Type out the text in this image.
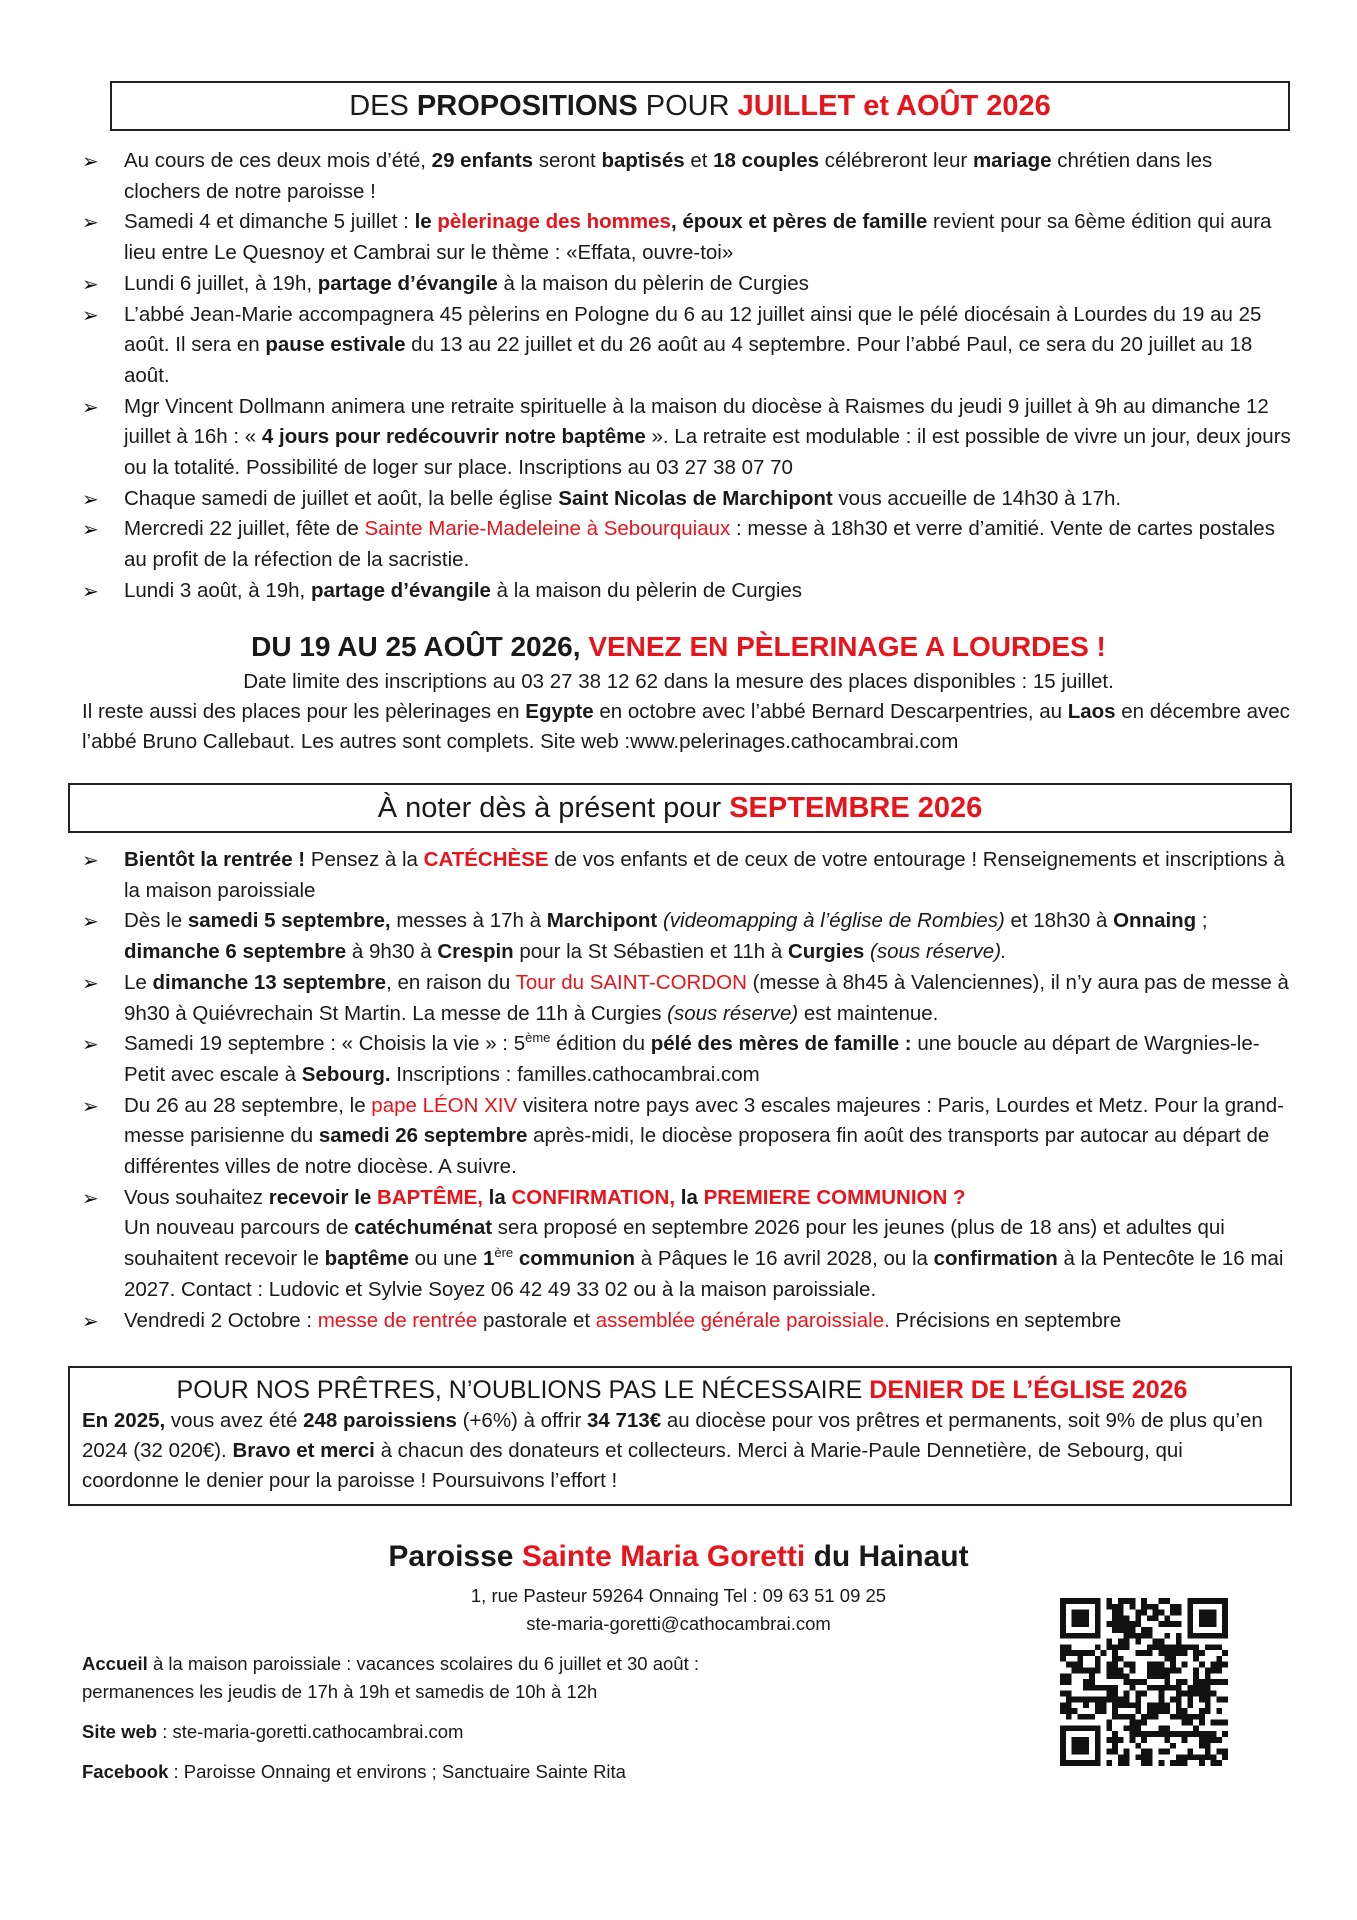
DES PROPOSITIONS POUR JUILLET et AOÛT 2026

➢ Au cours de ces deux mois d’été, 29 enfants seront baptisés et 18 couples célébreront leur mariage chrétien dans les clochers de notre paroisse !

➢ Samedi 4 et dimanche 5 juillet : le pèlerinage des hommes, époux et pères de famille revient pour sa 6ème édition qui aura lieu entre Le Quesnoy et Cambrai sur le thème : «Effata, ouvre-toi»

➢ Lundi 6 juillet, à 19h, partage d’évangile à la maison du pèlerin de Curgies

➢ L’abbé Jean-Marie accompagnera 45 pèlerins en Pologne du 6 au 12 juillet ainsi que le pélé diocésain à Lourdes du 19 au 25 août. Il sera en pause estivale du 13 au 22 juillet et du 26 août au 4 septembre. Pour l’abbé Paul, ce sera du 20 juillet au 18 août.

➢ Mgr Vincent Dollmann animera une retraite spirituelle à la maison du diocèse à Raismes du jeudi 9 juillet à 9h au dimanche 12 juillet à 16h : « 4 jours pour redécouvrir notre baptême ». La retraite est modulable : il est possible de vivre un jour, deux jours ou la totalité. Possibilité de loger sur place. Inscriptions au 03 27 38 07 70

➢ Chaque samedi de juillet et août, la belle église Saint Nicolas de Marchipont vous accueille de 14h30 à 17h.

➢ Mercredi 22 juillet, fête de Sainte Marie-Madeleine à Sebourquiaux : messe à 18h30 et verre d’amitié. Vente de cartes postales au profit de la réfection de la sacristie.

➢ Lundi 3 août, à 19h, partage d’évangile à la maison du pèlerin de Curgies

DU 19 AU 25 AOÛT 2026, VENEZ EN PÈLERINAGE A LOURDES !
Date limite des inscriptions au 03 27 38 12 62 dans la mesure des places disponibles : 15 juillet.
Il reste aussi des places pour les pèlerinages en Egypte en octobre avec l’abbé Bernard Descarpentries, au Laos en décembre avec l’abbé Bruno Callebaut. Les autres sont complets. Site web :www.pelerinages.cathocambrai.com
À noter dès à présent pour SEPTEMBRE 2026

➢ Bientôt la rentrée ! Pensez à la CATÉCHÈSE de vos enfants et de ceux de votre entourage ! Renseignements et inscriptions à la maison paroissiale

➢ Dès le samedi 5 septembre, messes à 17h à Marchipont (videomapping à l’église de Rombies) et 18h30 à Onnaing ; dimanche 6 septembre à 9h30 à Crespin pour la St Sébastien et 11h à Curgies (sous réserve).

➢ Le dimanche 13 septembre, en raison du Tour du SAINT-CORDON (messe à 8h45 à Valenciennes), il n’y aura pas de messe à 9h30 à Quiévrechain St Martin. La messe de 11h à Curgies (sous réserve) est maintenue.

➢ Samedi 19 septembre : « Choisis la vie » : 5ème édition du pélé des mères de famille : une boucle au départ de Wargnies-le-Petit avec escale à Sebourg. Inscriptions : familles.cathocambrai.com

➢ Du 26 au 28 septembre, le pape LÉON XIV visitera notre pays avec 3 escales majeures : Paris, Lourdes et Metz. Pour la grand-messe parisienne du samedi 26 septembre après-midi, le diocèse proposera fin août des transports par autocar au départ de différentes villes de notre diocèse. A suivre.

➢ Vous souhaitez recevoir le BAPTÊME, la CONFIRMATION, la PREMIERE COMMUNION ?

Un nouveau parcours de catéchuménat sera proposé en septembre 2026 pour les jeunes (plus de 18 ans) et adultes qui souhaitent recevoir le baptême ou une 1ère communion à Pâques le 16 avril 2028, ou la confirmation à la Pentecôte le 16 mai 2027. Contact : Ludovic et Sylvie Soyez 06 42 49 33 02 ou à la maison paroissiale.

➢ Vendredi 2 Octobre : messe de rentrée pastorale et assemblée générale paroissiale. Précisions en septembre

POUR NOS PRÊTRES, N’OUBLIONS PAS LE NÉCESSAIRE DENIER DE L’ÉGLISE 2026
En 2025, vous avez été 248 paroissiens (+6%) à offrir 34 713€ au diocèse pour vos prêtres et permanents, soit 9% de plus qu’en 2024 (32 020€). Bravo et merci à chacun des donateurs et collecteurs. Merci à Marie-Paule Dennetière, de Sebourg, qui coordonne le denier pour la paroisse ! Poursuivons l’effort !
Paroisse Sainte Maria Goretti du Hainaut
1, rue Pasteur 59264 Onnaing Tel : 09 63 51 09 25
ste-maria-goretti@cathocambrai.com
Accueil à la maison paroissiale : vacances scolaires du 6 juillet et 30 août :
permanences les jeudis de 17h à 19h et samedis de 10h à 12h
Site web : ste-maria-goretti.cathocambrai.com
Facebook : Paroisse Onnaing et environs ; Sanctuaire Sainte Rita
